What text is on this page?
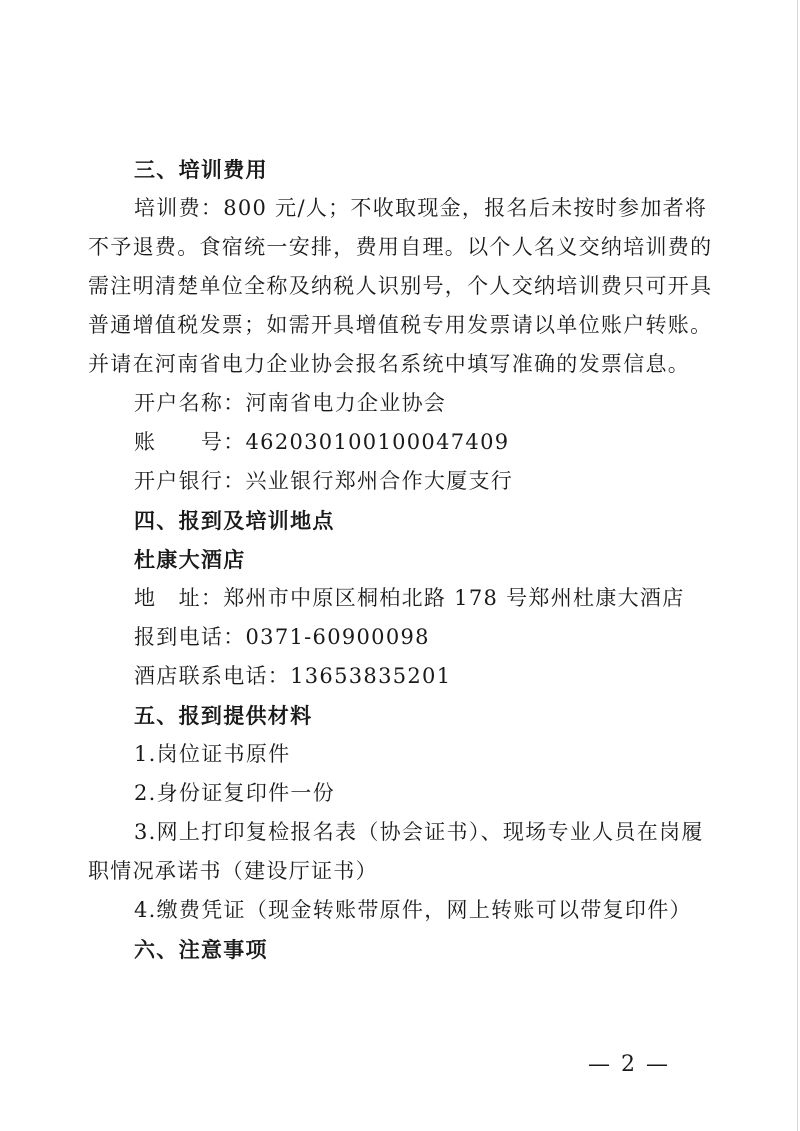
三、培训费用

培训费：800 元/人；不收取现金，报名后未按时参加者将不予退费。食宿统一安排，费用自理。以个人名义交纳培训费的需注明清楚单位全称及纳税人识别号，个人交纳培训费只可开具普通增值税发票；如需开具增值税专用发票请以单位账户转账。并请在河南省电力企业协会报名系统中填写准确的发票信息。

开户名称：河南省电力企业协会

账　　号：462030100100047409

开户银行：兴业银行郑州合作大厦支行

四、报到及培训地点

杜康大酒店

地　址：郑州市中原区桐柏北路 178 号郑州杜康大酒店

报到电话：0371-60900098

酒店联系电话：13653835201

五、报到提供材料

1.岗位证书原件

2.身份证复印件一份

3.网上打印复检报名表（协会证书）、现场专业人员在岗履职情况承诺书（建设厅证书）

4.缴费凭证（现金转账带原件，网上转账可以带复印件）

六、注意事项

— 2 —
